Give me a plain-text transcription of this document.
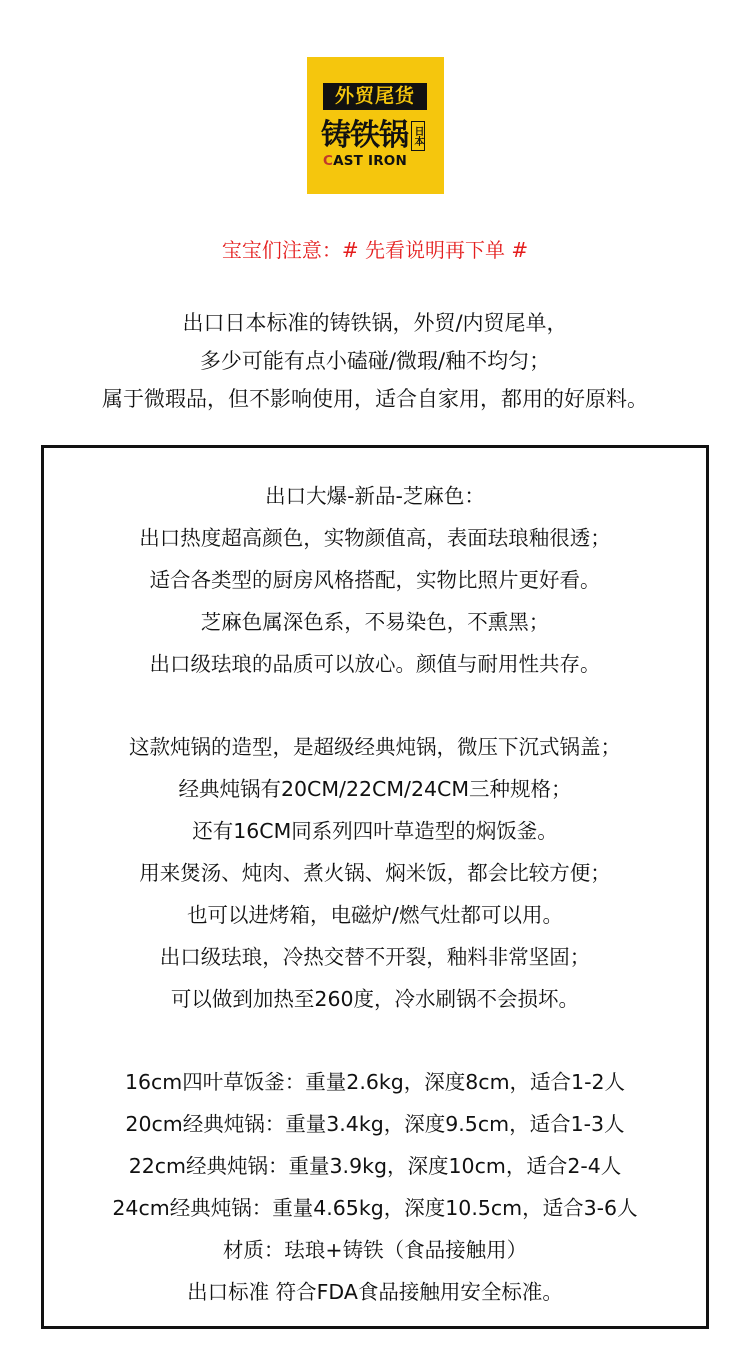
外贸尾货
铸铁锅 日本
CAST IRON
宝宝们注意：# 先看说明再下单 #
出口日本标准的铸铁锅，外贸/内贸尾单，
多少可能有点小磕碰/微瑕/釉不均匀；
属于微瑕品，但不影响使用，适合自家用，都用的好原料。
出口大爆-新品-芝麻色：
出口热度超高颜色，实物颜值高，表面珐琅釉很透；
适合各类型的厨房风格搭配，实物比照片更好看。
芝麻色属深色系，不易染色，不熏黑；
出口级珐琅的品质可以放心。颜值与耐用性共存。
这款炖锅的造型，是超级经典炖锅，微压下沉式锅盖；
经典炖锅有20CM/22CM/24CM三种规格；
还有16CM同系列四叶草造型的焖饭釜。
用来煲汤、炖肉、煮火锅、焖米饭，都会比较方便；
也可以进烤箱，电磁炉/燃气灶都可以用。
出口级珐琅，冷热交替不开裂，釉料非常坚固；
可以做到加热至260度，冷水刷锅不会损坏。
16cm四叶草饭釜：重量2.6kg，深度8cm，适合1-2人
20cm经典炖锅：重量3.4kg，深度9.5cm，适合1-3人
22cm经典炖锅：重量3.9kg，深度10cm，适合2-4人
24cm经典炖锅：重量4.65kg，深度10.5cm，适合3-6人
材质：珐琅+铸铁（食品接触用）
出口标准 符合FDA食品接触用安全标准。
